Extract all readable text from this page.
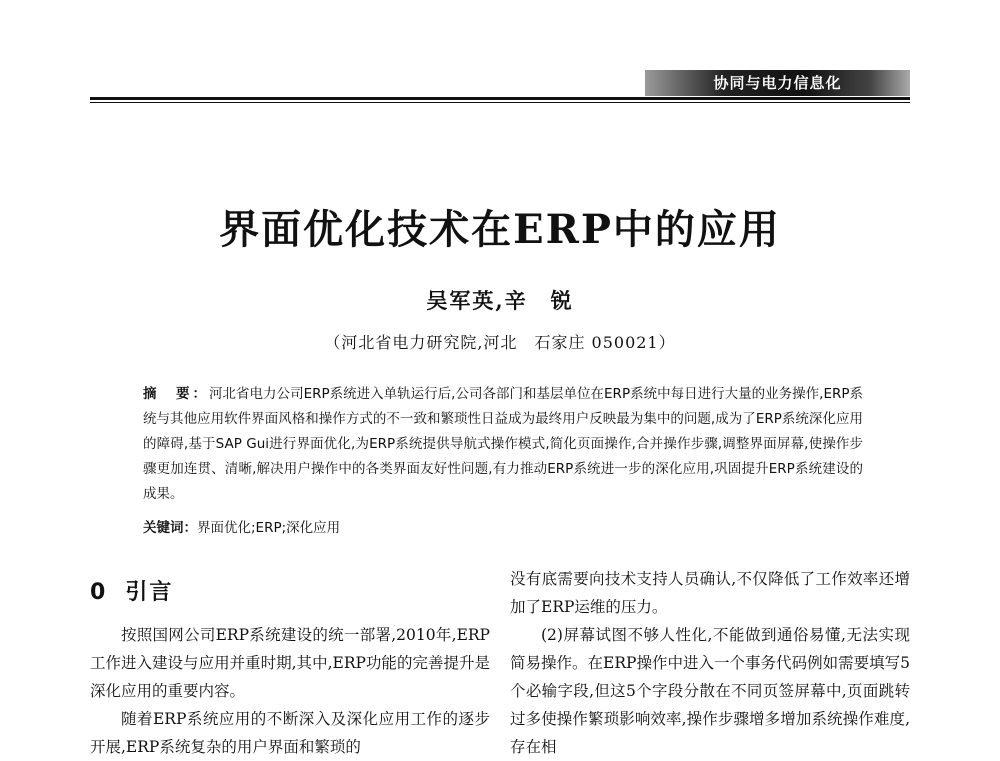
协同与电力信息化
界面优化技术在ERP中的应用
吴军英,辛　锐
（河北省电力研究院,河北　石家庄 050021）
摘　要：河北省电力公司ERP系统进入单轨运行后,公司各部门和基层单位在ERP系统中每日进行大量的业务操作,ERP系统与其他应用软件界面风格和操作方式的不一致和繁琐性日益成为最终用户反映最为集中的问题,成为了ERP系统深化应用的障碍,基于SAP Gui进行界面优化,为ERP系统提供导航式操作模式,简化页面操作,合并操作步骤,调整界面屏幕,使操作步骤更加连贯、清晰,解决用户操作中的各类界面友好性问题,有力推动ERP系统进一步的深化应用,巩固提升ERP系统建设的成果。
关键词：界面优化;ERP;深化应用
0 引言

按照国网公司ERP系统建设的统一部署,2010年,ERP工作进入建设与应用并重时期,其中,ERP功能的完善提升是深化应用的重要内容。

随着ERP系统应用的不断深入及深化应用工作的逐步开展,ERP系统复杂的用户界面和繁琐的

没有底需要向技术支持人员确认,不仅降低了工作效率还增加了ERP运维的压力。

(2)屏幕试图不够人性化,不能做到通俗易懂,无法实现简易操作。在ERP操作中进入一个事务代码例如需要填写5个必输字段,但这5个字段分散在不同页签屏幕中,页面跳转过多使操作繁琐影响效率,操作步骤增多增加系统操作难度,存在相
